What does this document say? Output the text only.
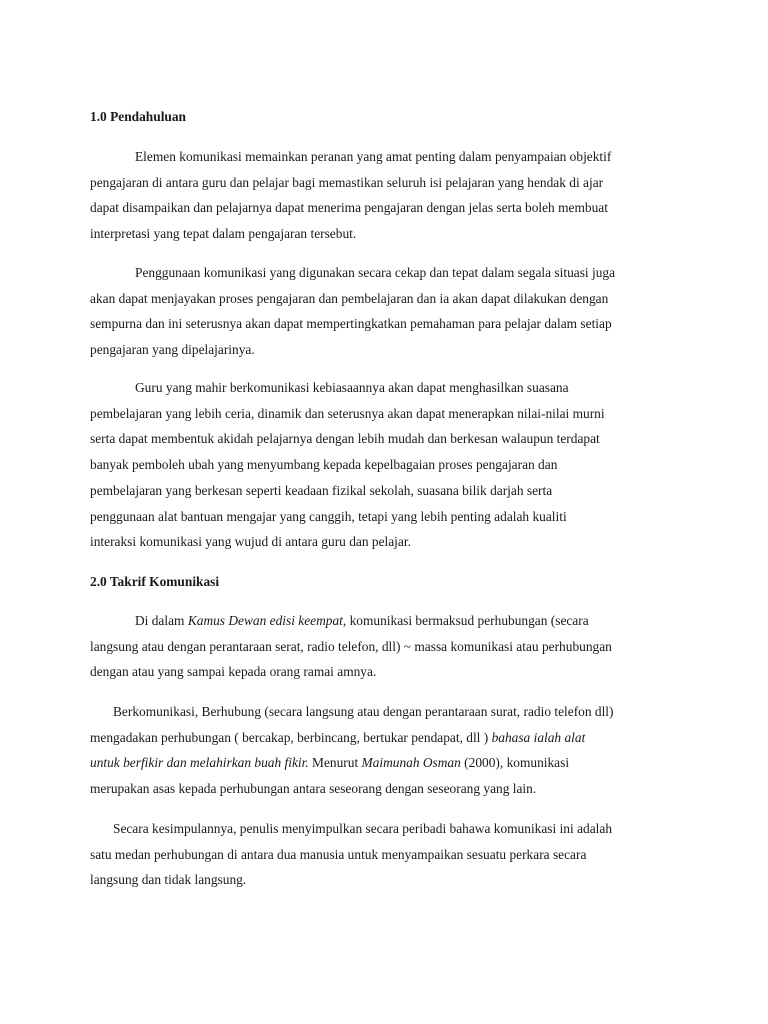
1.0 Pendahuluan

Elemen komunikasi memainkan peranan yang amat penting dalam penyampaian objektif
pengajaran di antara guru dan pelajar bagi memastikan seluruh isi pelajaran yang hendak di ajar
dapat disampaikan dan pelajarnya dapat menerima pengajaran dengan jelas serta boleh membuat
interpretasi yang tepat dalam pengajaran tersebut.

Penggunaan komunikasi yang digunakan secara cekap dan tepat dalam segala situasi juga
akan dapat menjayakan proses pengajaran dan pembelajaran dan ia akan dapat dilakukan dengan
sempurna dan ini seterusnya akan dapat mempertingkatkan pemahaman para pelajar dalam setiap
pengajaran yang dipelajarinya.

Guru yang mahir berkomunikasi kebiasaannya akan dapat menghasilkan suasana
pembelajaran yang lebih ceria, dinamik dan seterusnya akan dapat menerapkan nilai-nilai murni
serta dapat membentuk akidah pelajarnya dengan lebih mudah dan berkesan walaupun terdapat
banyak pemboleh ubah yang menyumbang kepada kepelbagaian proses pengajaran dan
pembelajaran yang berkesan seperti keadaan fizikal sekolah, suasana bilik darjah serta
penggunaan alat bantuan mengajar yang canggih, tetapi yang lebih penting adalah kualiti
interaksi komunikasi yang wujud di antara guru dan pelajar.

2.0 Takrif Komunikasi

Di dalam Kamus Dewan edisi keempat, komunikasi bermaksud perhubungan (secara
langsung atau dengan perantaraan serat, radio telefon, dll) ~ massa komunikasi atau perhubungan
dengan atau yang sampai kepada orang ramai amnya.

Berkomunikasi, Berhubung (secara langsung atau dengan perantaraan surat, radio telefon dll)
mengadakan perhubungan ( bercakap, berbincang, bertukar pendapat, dll ) bahasa ialah alat
untuk berfikir dan melahirkan buah fikir. Menurut Maimunah Osman (2000), komunikasi
merupakan asas kepada perhubungan antara seseorang dengan seseorang yang lain.

Secara kesimpulannya, penulis menyimpulkan secara peribadi bahawa komunikasi ini adalah
satu medan perhubungan di antara dua manusia untuk menyampaikan sesuatu perkara secara
langsung dan tidak langsung.
